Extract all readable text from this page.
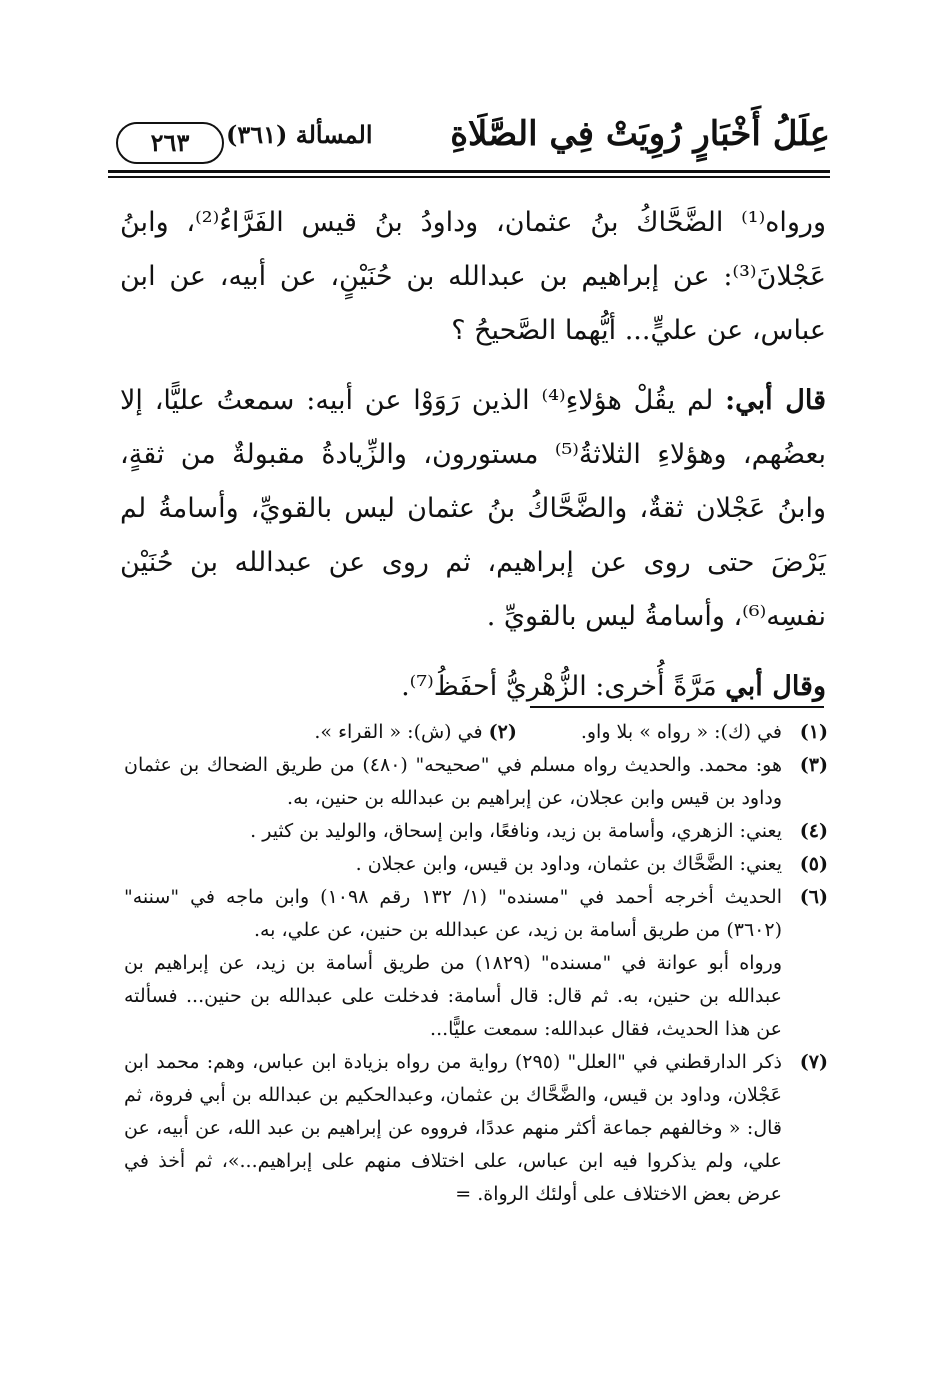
عِلَلُ أَخْبَارٍ رُوِيَتْ فِي الصَّلَاةِ
المسألة (٣٦١)
٢٦٣

ورواه⁽¹⁾ الضَّحَّاكُ بنُ عثمان، وداودُ بنُ قيس الفَرَّاءُ⁽²⁾، وابنُ عَجْلانَ⁽³⁾: عن إبراهيم بن عبدالله بن حُنَيْنٍ، عن أبيه، عن ابن عباس، عن عليٍّ... أيُّهما الصَّحيحُ ؟

قال أبي: لم يقُلْ هؤلاءِ⁽⁴⁾ الذين رَوَوْا عن أبيه: سمعتُ عليًّا، إلا بعضُهم، وهؤلاءِ الثلاثةُ⁽⁵⁾ مستورون، والزِّيادةُ مقبولةٌ من ثقةٍ، وابنُ عَجْلان ثقةٌ، والضَّحَّاكُ بنُ عثمان ليس بالقويِّ، وأسامةُ لم يَرْضَ حتى روى عن إبراهيم، ثم روى عن عبدالله بن حُنَيْن نفسِه⁽⁶⁾، وأسامةُ ليس بالقويِّ .

وقال أبي مَرَّةً أُخرى: الزُّهْريُّ أحفَظُ⁽⁷⁾.

(١)
في (ك): « رواه » بلا واو.
(٢) في (ش): « القراء ».
(٣)
هو: محمد. والحديث رواه مسلم في "صحيحه" (٤٨٠) من طريق الضحاك بن عثمان وداود بن قيس وابن عجلان، عن إبراهيم بن عبدالله بن حنين، به.
(٤)
يعني: الزهري، وأسامة بن زيد، ونافعًا، وابن إسحاق، والوليد بن كثير .
(٥)
يعني: الضَّحَّاك بن عثمان، وداود بن قيس، وابن عجلان .
(٦)

الحديث أخرجه أحمد في "مسنده" (١/ ١٣٢ رقم ١٠٩٨) وابن ماجه في "سننه" (٣٦٠٢) من طريق أسامة بن زيد، عن عبدالله بن حنين، عن علي، به.

ورواه أبو عوانة في "مسنده" (١٨٢٩) من طريق أسامة بن زيد، عن إبراهيم بن عبدالله بن حنين، به. ثم قال: قال أسامة: فدخلت على عبدالله بن حنين... فسألته عن هذا الحديث، فقال عبدالله: سمعت عليًّا...

(٧)
ذكر الدارقطني في "العلل" (٢٩٥) رواية من رواه بزيادة ابن عباس، وهم: محمد ابن عَجْلان، وداود بن قيس، والضَّحَّاك بن عثمان، وعبدالحكيم بن عبدالله بن أبي فروة، ثم قال: « وخالفهم جماعة أكثر منهم عددًا، فرووه عن إبراهيم بن عبد الله، عن أبيه، عن علي، ولم يذكروا فيه ابن عباس، على اختلاف منهم على إبراهيم...»، ثم أخذ في عرض بعض الاختلاف على أولئك الرواة. =
